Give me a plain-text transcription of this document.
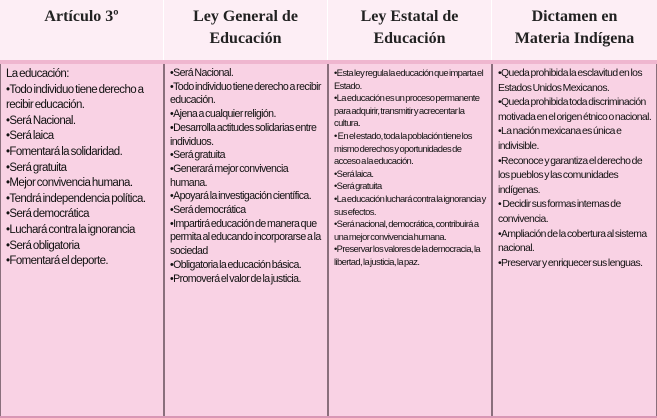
Artículo 3º	Ley General de
Educación
Ley Estatal de
Educación
Dictamen en
Materia Indígena
La educación:
•Todo individuo tiene derecho a recibir educación.
•Será Nacional.
•Será laica
•Fomentará la solidaridad.
•Será gratuita
•Mejor convivencia humana.
•Tendrá independencia política.
•Será democrática
•Luchará contra la ignorancia
•Será obligatoria
•Fomentará el deporte.
•Será Nacional.
•Todo individuo tiene derecho a recibir educación.
•Ajena a cualquier religión.
•Desarrolla actitudes solidarias entre individuos.
•Será gratuita
•Generará mejor convivencia humana.
•Apoyará la investigación científica.
•Será democrática
•Impartirá educación de manera que permita al educando incorporarse a la sociedad
•Obligatoria la educación básica.
•Promoverá el valor de la justicia.
•Esta ley regula la educación que imparta el Estado.
•La educación es un proceso permanente para adquirir, transmitir y acrecentar la cultura.
• En el estado, toda la población tiene los mismo derechos y oportunidades de acceso a la educación.
•Será laica.
•Será gratuita
•La educación luchará contra la ignorancia y sus efectos.
•Será nacional, democrática, contribuirá a una mejor convivencia humana.
•Preservar los valores de la democracia, la libertad, la justicia, la paz.
•Queda prohibida la esclavitud en los Estados Unidos Mexicanos.
•Queda prohibida toda discriminación motivada en el origen étnico o nacional.
•La nación mexicana es única e indivisible.
•Reconoce y garantiza el derecho de los pueblos y las comunidades indígenas.
• Decidir sus formas internas de convivencia.
•Ampliación de la cobertura al sistema nacional.
•Preservar y enriquecer sus lenguas.
